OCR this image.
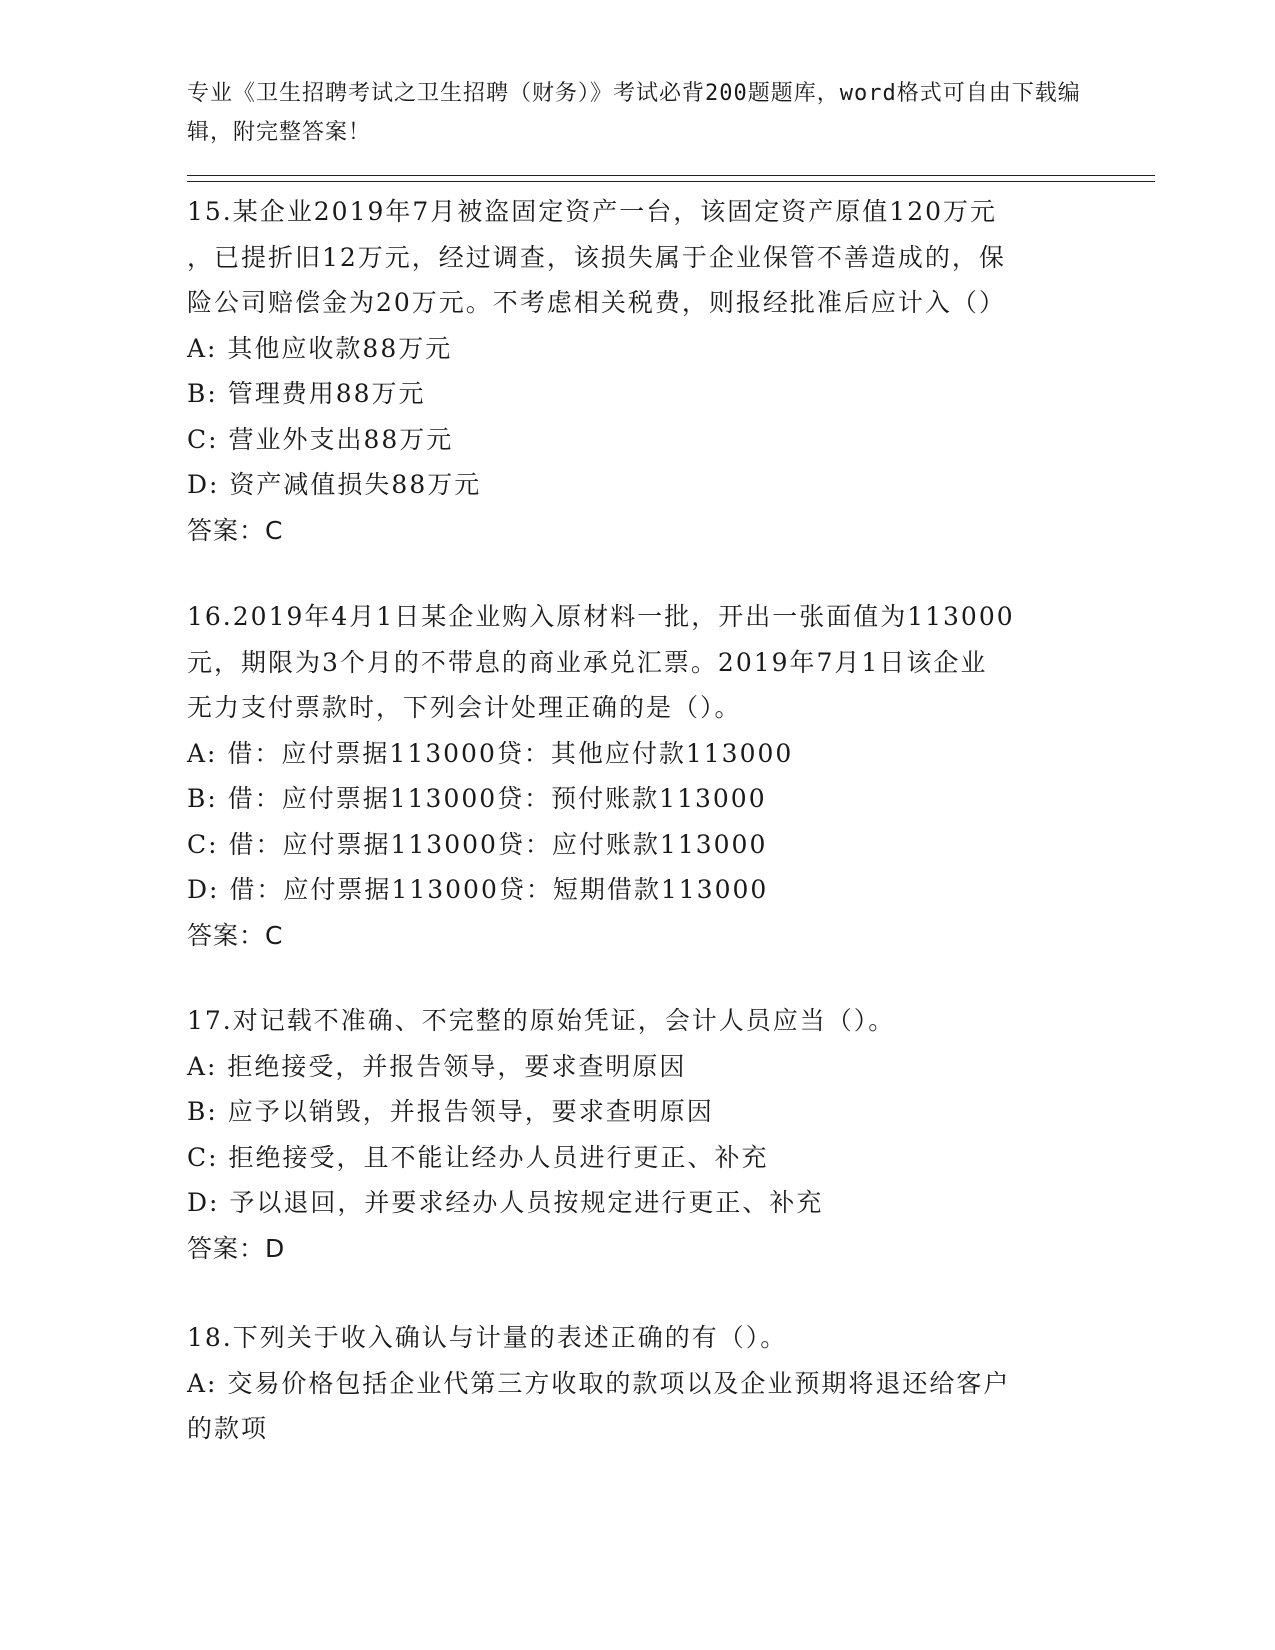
专业《卫生招聘考试之卫生招聘（财务）》考试必背200题题库，word格式可自由下载编辑，附完整答案！
15.某企业2019年7月被盗固定资产一台，该固定资产原值120万元
，已提折旧12万元，经过调查，该损失属于企业保管不善造成的，保
险公司赔偿金为20万元。不考虑相关税费，则报经批准后应计入（）
A: 其他应收款88万元
B: 管理费用88万元
C: 营业外支出88万元
D: 资产减值损失88万元
答案：C
16.2019年4月1日某企业购入原材料一批，开出一张面值为113000
元，期限为3个月的不带息的商业承兑汇票。2019年7月1日该企业
无力支付票款时，下列会计处理正确的是（）。
A: 借：应付票据113000贷：其他应付款113000
B: 借：应付票据113000贷：预付账款113000
C: 借：应付票据113000贷：应付账款113000
D: 借：应付票据113000贷：短期借款113000
答案：C
17.对记载不准确、不完整的原始凭证，会计人员应当（）。
A: 拒绝接受，并报告领导，要求查明原因
B: 应予以销毁，并报告领导，要求查明原因
C: 拒绝接受，且不能让经办人员进行更正、补充
D: 予以退回，并要求经办人员按规定进行更正、补充
答案：D
18.下列关于收入确认与计量的表述正确的有（）。
A: 交易价格包括企业代第三方收取的款项以及企业预期将退还给客户
的款项
